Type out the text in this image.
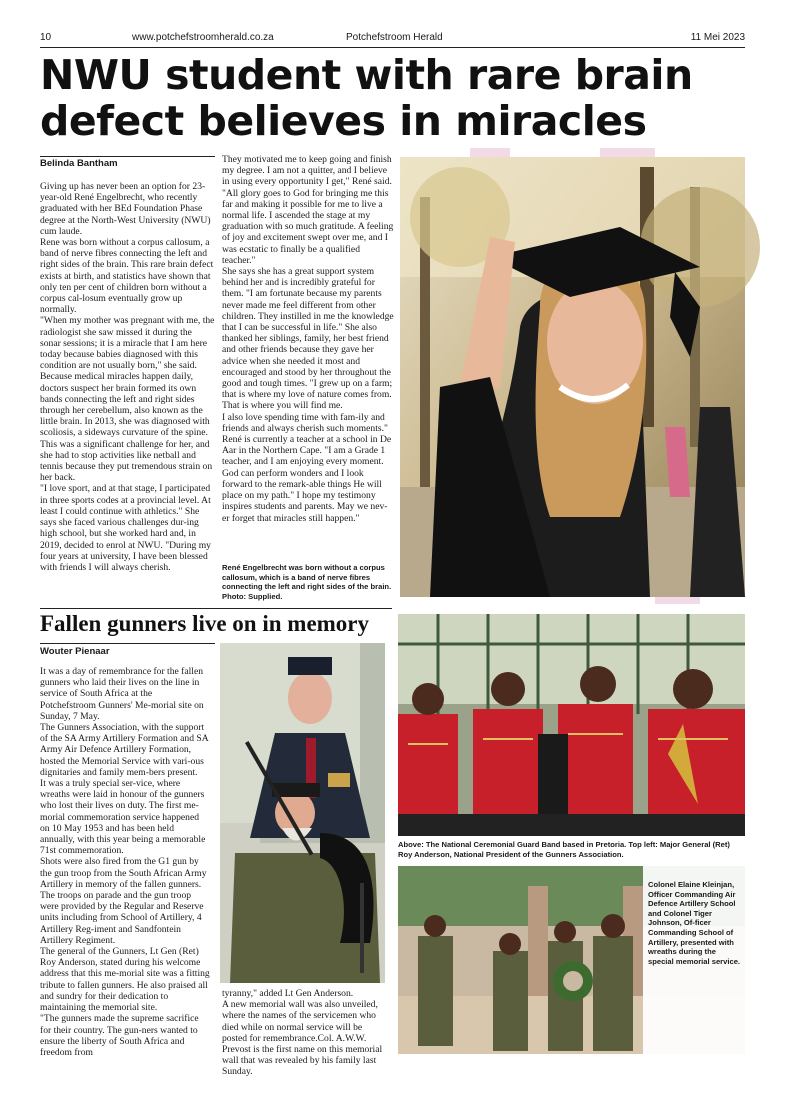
10	www.potchefstroomherald.co.za	Potchefstroom Herald	11 Mei 2023
NWU student with rare brain
defect believes in miracles
Belinda Bantham

Giving up has never been an option for 23-year-old René Engelbrecht, who recently graduated with her BEd Foundation Phase degree at the North-West University (NWU) cum laude.
Rene was born without a corpus callosum, a band of nerve fibres connecting the left and right sides of the brain. This rare brain defect exists at birth, and statistics have shown that only ten per cent of children born without a corpus cal-losum eventually grow up normally.
"When my mother was pregnant with me, the radiologist she saw missed it during the sonar sessions; it is a miracle that I am here today because babies diagnosed with this condition are not usually born," she said.
Because medical miracles happen daily, doctors suspect her brain formed its own bands connecting the left and right sides through her cerebellum, also known as the little brain. In 2013, she was diagnosed with scoliosis, a sideways curvature of the spine.
This was a significant challenge for her, and she had to stop activities like netball and tennis because they put tremendous strain on her back.
"I love sport, and at that stage, I participated in three sports codes at a provincial level. At least I could continue with athletics." She says she faced various challenges dur-ing high school, but she worked hard and, in 2019, decided to enrol at NWU. "During my four years at university, I have been blessed with friends I will always cherish.

They motivated me to keep going and finish my degree. I am not a quitter, and I believe in using every opportunity I get," René said. "All glory goes to God for bringing me this far and making it possible for me to live a normal life. I ascended the stage at my graduation with so much gratitude. A feeling of joy and excitement swept over me, and I was ecstatic to finally be a qualified teacher."
She says she has a great support system behind her and is incredibly grateful for them. "I am fortunate because my parents never made me feel different from other children. They instilled in me the knowledge that I can be successful in life." She also thanked her siblings, family, her best friend and other friends because they gave her advice when she needed it most and encouraged and stood by her throughout the good and tough times. "I grew up on a farm; that is where my love of nature comes from. That is where you will find me.
I also love spending time with fam-ily and friends and always cherish such moments." René is currently a teacher at a school in De Aar in the Northern Cape. "I am a Grade 1 teacher, and I am enjoying every moment. God can perform wonders and I look forward to the remark-able things He will place on my path." I hope my testimony inspires students and parents. May we nev-er forget that miracles still happen."

René Engelbrecht was born without a corpus callosum, which is a band of nerve fibres connecting the left and right sides of the brain. Photo: Supplied.
Fallen gunners live on in memory
Wouter Pienaar

It was a day of remembrance for the fallen gunners who laid their lives on the line in service of South Africa at the Potchefstroom Gunners' Me-morial site on Sunday, 7 May.
The Gunners Association, with the support of the SA Army Artillery Formation and SA Army Air Defence Artillery Formation, hosted the Memorial Service with vari-ous dignitaries and family mem-bers present.
It was a truly special ser-vice, where wreaths were laid in honour of the gunners who lost their lives on duty. The first me-morial commemoration service happened on 10 May 1953 and has been held annually, with this year being a memorable 71st commemoration.
Shots were also fired from the G1 gun by the gun troop from the South African Army Artillery in memory of the fallen gunners.
The troops on parade and the gun troop were provided by the Regular and Reserve units including from School of Artillery, 4 Artillery Reg-iment and Sandfontein Artillery Regiment.
The general of the Gunners, Lt Gen (Ret) Roy Anderson, stated during his welcome address that this me-morial site was a fitting tribute to fallen gunners. He also praised all and sundry for their dedication to maintaining the memorial site.
"The gunners made the supreme sacrifice for their country. The gun-ners wanted to ensure the liberty of South Africa and freedom from

tyranny," added Lt Gen Anderson.
A new memorial wall was also unveiled, where the names of the servicemen who died while on normal service will be posted for remembrance.Col. A.W.W. Prevost is the first name on this memorial wall that was revealed by his family last Sunday.

Above: The National Ceremonial Guard Band based in Pretoria. Top left: Major General (Ret) Roy Anderson, National President of the Gunners Association.
Colonel Elaine Kleinjan, Officer Commanding Air Defence Artillery School and Colonel Tiger Johnson, Of-ficer Commanding School of Artillery, presented with wreaths during the special memorial service.
